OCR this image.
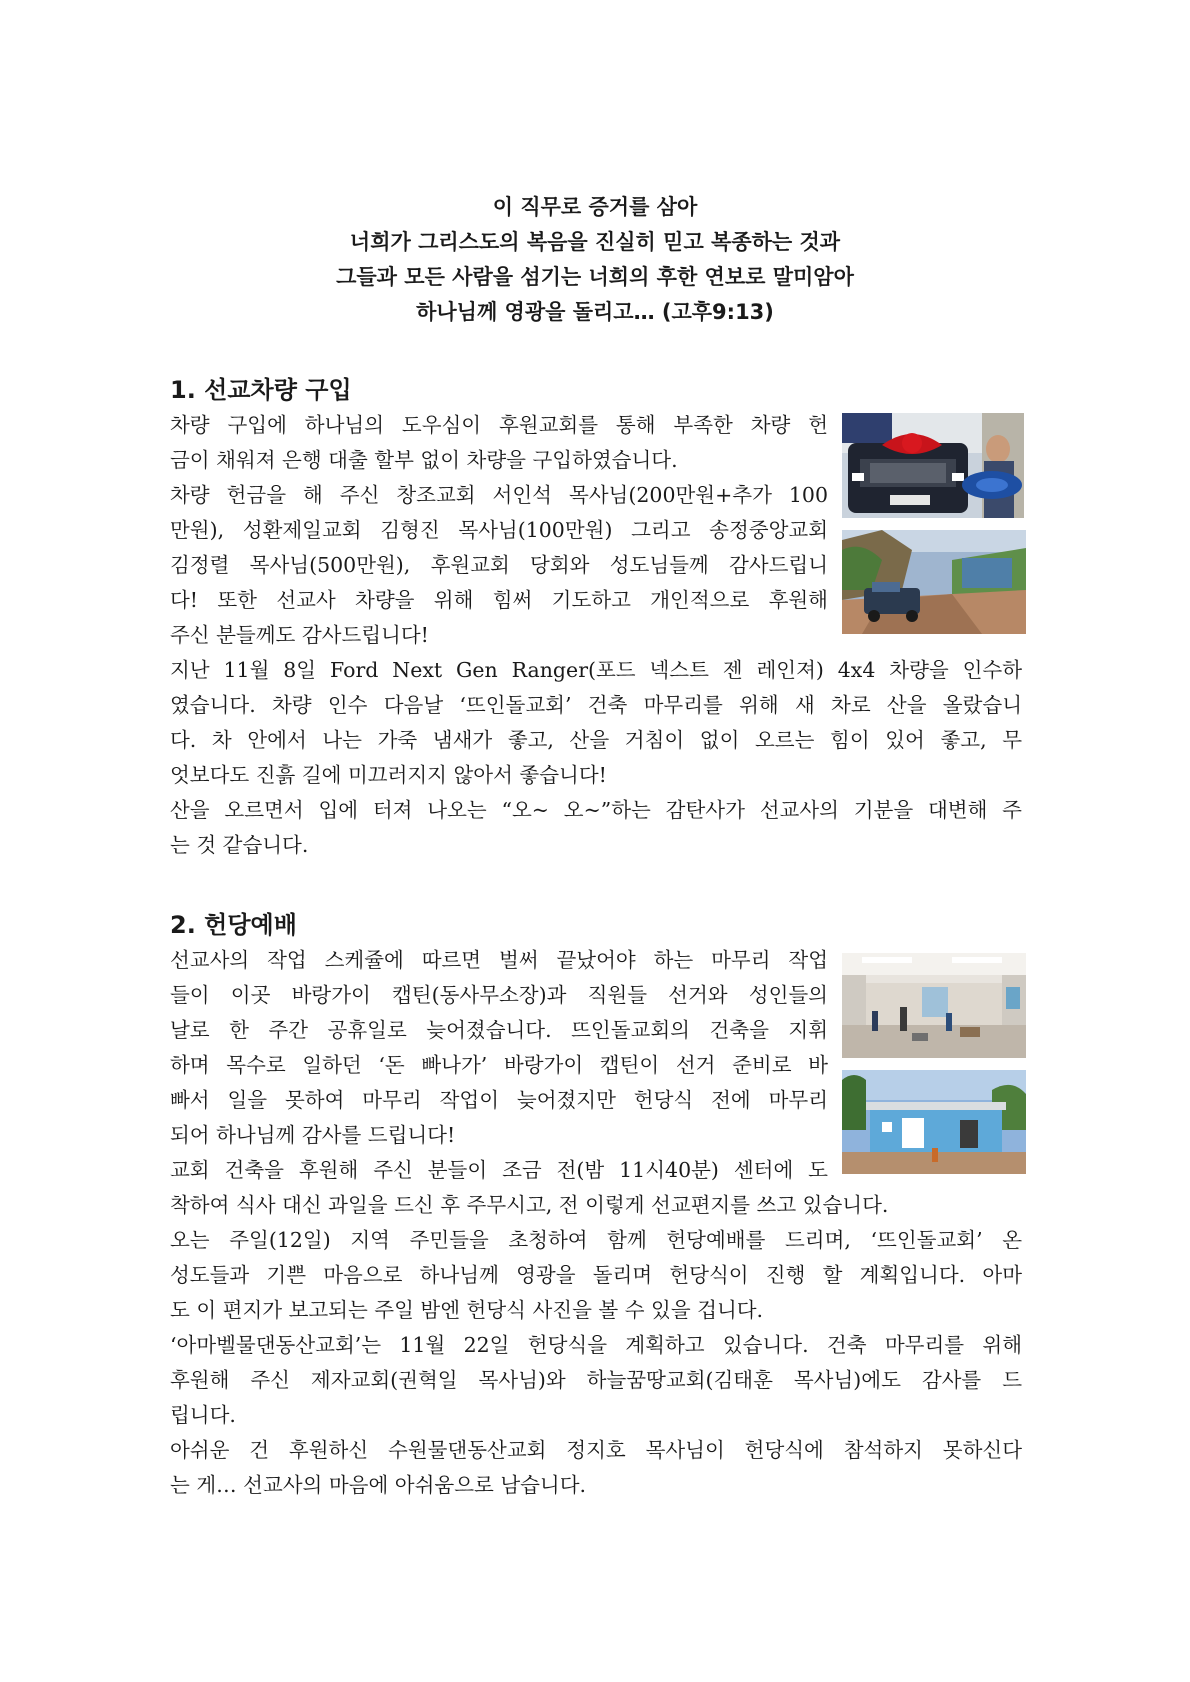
이 직무로 증거를 삼아
너희가 그리스도의 복음을 진실히 믿고 복종하는 것과
그들과 모든 사람을 섬기는 너희의 후한 연보로 말미암아
하나님께 영광을 돌리고… (고후9:13)
1. 선교차량 구입
차량 구입에 하나님의 도우심이 후원교회를 통해 부족한 차량 헌
금이 채워져 은행 대출 할부 없이 차량을 구입하였습니다.
차량 헌금을 해 주신 창조교회 서인석 목사님(200만원+추가 100
만원), 성환제일교회 김형진 목사님(100만원) 그리고 송정중앙교회
김정렬 목사님(500만원), 후원교회 당회와 성도님들께 감사드립니
다! 또한 선교사 차량을 위해 힘써 기도하고 개인적으로 후원해
주신 분들께도 감사드립니다!
지난 11월 8일 Ford Next Gen Ranger(포드 넥스트 젠 레인져) 4x4 차량을 인수하
였습니다. 차량 인수 다음날 ‘뜨인돌교회’ 건축 마무리를 위해 새 차로 산을 올랐습니
다. 차 안에서 나는 가죽 냄새가 좋고, 산을 거침이 없이 오르는 힘이 있어 좋고, 무
엇보다도 진흙 길에 미끄러지지 않아서 좋습니다!
산을 오르면서 입에 터져 나오는 “오~ 오~”하는 감탄사가 선교사의 기분을 대변해 주
는 것 같습니다.
2. 헌당예배
선교사의 작업 스케쥴에 따르면 벌써 끝났어야 하는 마무리 작업
들이 이곳 바랑가이 캡틴(동사무소장)과 직원들 선거와 성인들의
날로 한 주간 공휴일로 늦어졌습니다. 뜨인돌교회의 건축을 지휘
하며 목수로 일하던 ‘돈 빠나가’ 바랑가이 캡틴이 선거 준비로 바
빠서 일을 못하여 마무리 작업이 늦어졌지만 헌당식 전에 마무리
되어 하나님께 감사를 드립니다!
교회 건축을 후원해 주신 분들이 조금 전(밤 11시40분) 센터에 도
착하여 식사 대신 과일을 드신 후 주무시고, 전 이렇게 선교편지를 쓰고 있습니다.
오는 주일(12일) 지역 주민들을 초청하여 함께 헌당예배를 드리며, ‘뜨인돌교회’ 온
성도들과 기쁜 마음으로 하나님께 영광을 돌리며 헌당식이 진행 할 계획입니다. 아마
도 이 편지가 보고되는 주일 밤엔 헌당식 사진을 볼 수 있을 겁니다.
‘아마벨물댄동산교회’는 11월 22일 헌당식을 계획하고 있습니다. 건축 마무리를 위해
후원해 주신 제자교회(권혁일 목사님)와 하늘꿈땅교회(김태훈 목사님)에도 감사를 드
립니다.
아쉬운 건 후원하신 수원물댄동산교회 정지호 목사님이 헌당식에 참석하지 못하신다
는 게… 선교사의 마음에 아쉬움으로 남습니다.
